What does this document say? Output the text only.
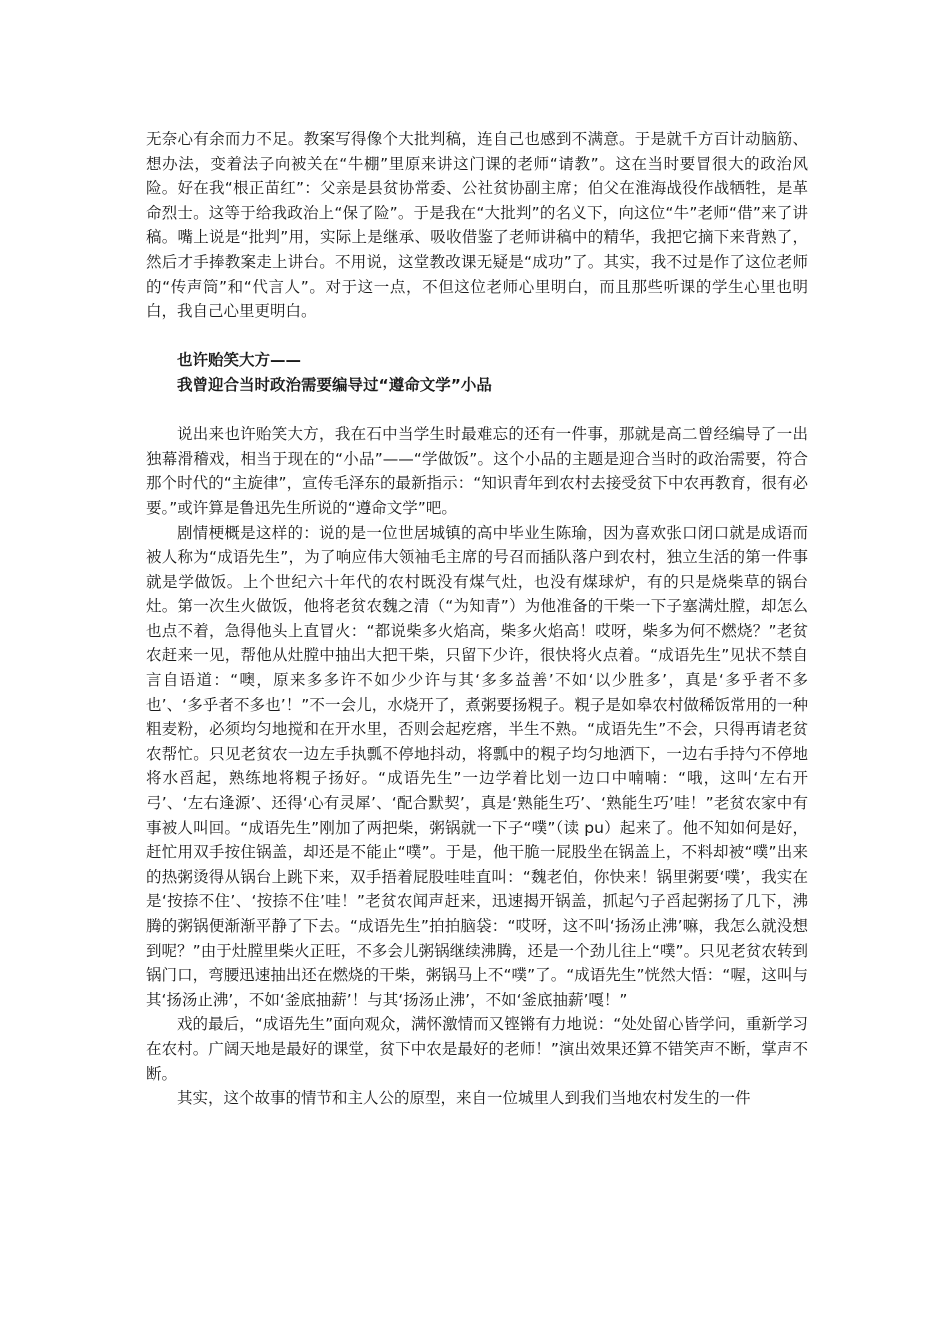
无奈心有余而力不足。教案写得像个大批判稿，连自己也感到不满意。于是就千方百计动脑筋、想办法，变着法子向被关在“牛棚”里原来讲这门课的老师“请教”。这在当时要冒很大的政治风险。好在我“根正苗红”：父亲是县贫协常委、公社贫协副主席；伯父在淮海战役作战牺牲，是革命烈士。这等于给我政治上“保了险”。于是我在“大批判”的名义下，向这位“牛”老师“借”来了讲稿。嘴上说是“批判”用，实际上是继承、吸收借鉴了老师讲稿中的精华，我把它摘下来背熟了，然后才手捧教案走上讲台。不用说，这堂教改课无疑是“成功”了。其实，我不过是作了这位老师的“传声筒”和“代言人”。对于这一点，不但这位老师心里明白，而且那些听课的学生心里也明白，我自己心里更明白。

也许贻笑大方——

我曾迎合当时政治需要编导过“遵命文学”小品

说出来也许贻笑大方，我在石中当学生时最难忘的还有一件事，那就是高二曾经编导了一出独幕滑稽戏，相当于现在的“小品”——“学做饭”。这个小品的主题是迎合当时的政治需要，符合那个时代的“主旋律”，宣传毛泽东的最新指示：“知识青年到农村去接受贫下中农再教育，很有必要。”或许算是鲁迅先生所说的“遵命文学”吧。

剧情梗概是这样的：说的是一位世居城镇的高中毕业生陈瑜，因为喜欢张口闭口就是成语而被人称为“成语先生”，为了响应伟大领袖毛主席的号召而插队落户到农村，独立生活的第一件事就是学做饭。上个世纪六十年代的农村既没有煤气灶，也没有煤球炉，有的只是烧柴草的锅台灶。第一次生火做饭，他将老贫农魏之清（“为知青”）为他准备的干柴一下子塞满灶膛，却怎么也点不着，急得他头上直冒火：“都说柴多火焰高，柴多火焰高！哎呀，柴多为何不燃烧？”老贫农赶来一见，帮他从灶膛中抽出大把干柴，只留下少许，很快将火点着。“成语先生”见状不禁自言自语道：“噢，原来多多许不如少少许与其‘多多益善’不如‘以少胜多’，真是‘多乎者不多也’、‘多乎者不多也’！”不一会儿，水烧开了，煮粥要扬粯子。粯子是如皋农村做稀饭常用的一种粗麦粉，必须均匀地搅和在开水里，否则会起疙瘩，半生不熟。“成语先生”不会，只得再请老贫农帮忙。只见老贫农一边左手执瓢不停地抖动，将瓢中的粯子均匀地洒下，一边右手持勺不停地将水舀起，熟练地将粯子扬好。“成语先生”一边学着比划一边口中喃喃：“哦，这叫‘左右开弓’、‘左右逢源’、还得‘心有灵犀’、‘配合默契’，真是‘熟能生巧’、‘熟能生巧’哇！”老贫农家中有事被人叫回。“成语先生”刚加了两把柴，粥锅就一下子“噗”（读 pu）起来了。他不知如何是好，赶忙用双手按住锅盖，却还是不能止“噗”。于是，他干脆一屁股坐在锅盖上，不料却被“噗”出来的热粥烫得从锅台上跳下来，双手捂着屁股哇哇直叫：“魏老伯，你快来！锅里粥要‘噗’，我实在是‘按捺不住’、‘按捺不住’哇！”老贫农闻声赶来，迅速揭开锅盖，抓起勺子舀起粥扬了几下，沸腾的粥锅便渐渐平静了下去。“成语先生”拍拍脑袋：“哎呀，这不叫‘扬汤止沸’嘛，我怎么就没想到呢？”由于灶膛里柴火正旺，不多会儿粥锅继续沸腾，还是一个劲儿往上“噗”。只见老贫农转到锅门口，弯腰迅速抽出还在燃烧的干柴，粥锅马上不“噗”了。“成语先生”恍然大悟：“喔，这叫与其‘扬汤止沸’，不如‘釜底抽薪’！与其‘扬汤止沸’，不如‘釜底抽薪’嘎！”

戏的最后，“成语先生”面向观众，满怀激情而又铿锵有力地说：“处处留心皆学问，重新学习在农村。广阔天地是最好的课堂，贫下中农是最好的老师！”演出效果还算不错笑声不断，掌声不断。

其实，这个故事的情节和主人公的原型，来自一位城里人到我们当地农村发生的一件
